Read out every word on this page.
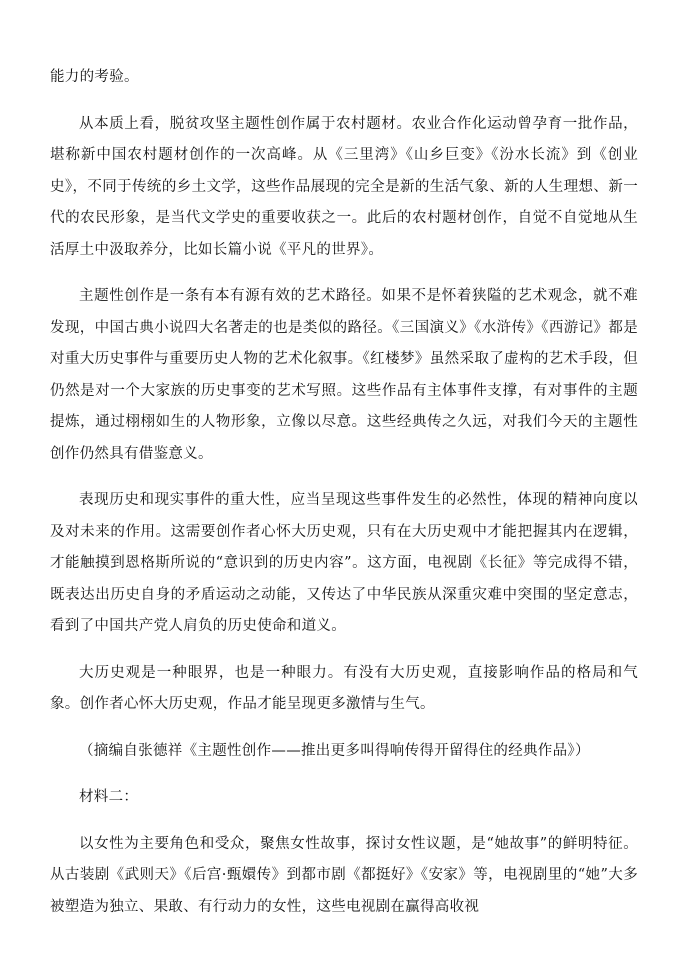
能力的考验。

从本质上看，脱贫攻坚主题性创作属于农村题材。农业合作化运动曾孕育一批作品，堪称新中国农村题材创作的一次高峰。从《三里湾》《山乡巨变》《汾水长流》到《创业史》，不同于传统的乡土文学，这些作品展现的完全是新的生活气象、新的人生理想、新一代的农民形象，是当代文学史的重要收获之一。此后的农村题材创作，自觉不自觉地从生活厚土中汲取养分，比如长篇小说《平凡的世界》。

主题性创作是一条有本有源有效的艺术路径。如果不是怀着狭隘的艺术观念，就不难发现，中国古典小说四大名著走的也是类似的路径。《三国演义》《水浒传》《西游记》都是对重大历史事件与重要历史人物的艺术化叙事。《红楼梦》虽然采取了虚构的艺术手段，但仍然是对一个大家族的历史事变的艺术写照。这些作品有主体事件支撑，有对事件的主题提炼，通过栩栩如生的人物形象，立像以尽意。这些经典传之久远，对我们今天的主题性创作仍然具有借鉴意义。

表现历史和现实事件的重大性，应当呈现这些事件发生的必然性，体现的精神向度以及对未来的作用。这需要创作者心怀大历史观，只有在大历史观中才能把握其内在逻辑，才能触摸到恩格斯所说的“意识到的历史内容”。这方面，电视剧《长征》等完成得不错，既表达出历史自身的矛盾运动之动能，又传达了中华民族从深重灾难中突围的坚定意志，看到了中国共产党人肩负的历史使命和道义。

大历史观是一种眼界，也是一种眼力。有没有大历史观，直接影响作品的格局和气象。创作者心怀大历史观，作品才能呈现更多激情与生气。

（摘编自张德祥《主题性创作——推出更多叫得响传得开留得住的经典作品》）

材料二：

以女性为主要角色和受众，聚焦女性故事，探讨女性议题，是“她故事”的鲜明特征。从古装剧《武则天》《后宫·甄嬛传》到都市剧《都挺好》《安家》等，电视剧里的“她”大多被塑造为独立、果敢、有行动力的女性，这些电视剧在赢得高收视
